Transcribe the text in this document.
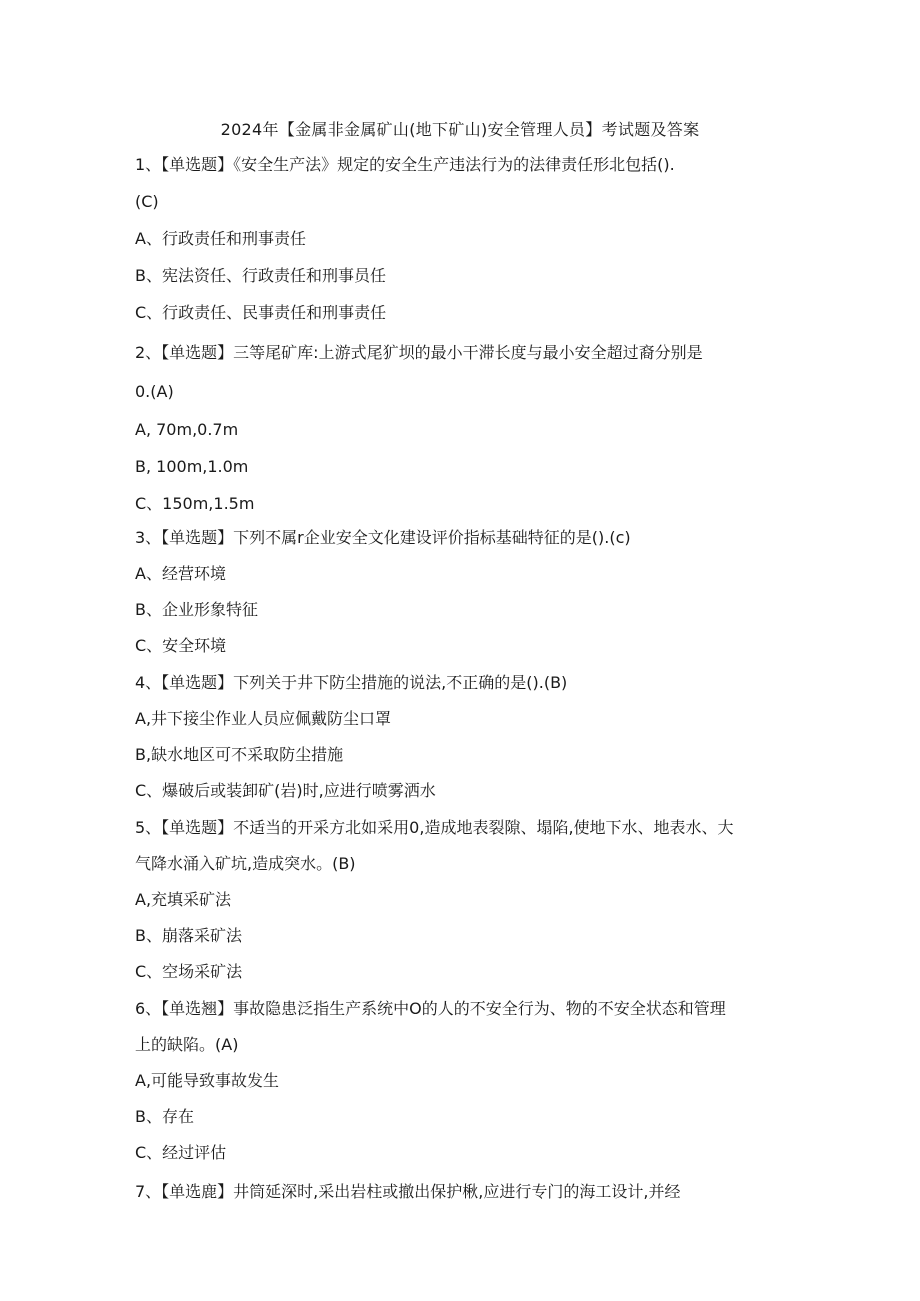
2024年【金属非金属矿山(地下矿山)安全管理人员】考试题及答案
1、【单选题】《安全生产法》规定的安全生产违法行为的法律责任形北包括().
(C)
A、行政责任和刑事责任
B、宪法资任、行政责任和刑事员任
C、行政责任、民事责任和刑事责任
2、【单选题】三等尾矿库:上游式尾犷坝的最小干滞长度与最小安全超过裔分别是
0.(A)
A, 70m,0.7m
B, 100m,1.0m
C、150m,1.5m
3、【单选题】下列不属r企业安全文化建设评价指标基础特征的是().(c)
A、经营环境
B、企业形象特征
C、安全环境
4、【单选题】下列关于井下防尘措施的说法,不正确的是().(B)
A,井下接尘作业人员应佩戴防尘口罩
B,缺水地区可不采取防尘措施
C、爆破后或装卸矿(岩)时,应进行喷雾洒水
5、【单选题】不适当的开采方北如采用0,造成地表裂隙、塌陷,使地下水、地表水、大
气降水涌入矿坑,造成突水。(B)
A,充填采矿法
B、崩落采矿法
C、空场采矿法
6、【单选翘】事故隐患泛指生产系统中O的人的不安全行为、物的不安全状态和管理
上的缺陷。(A)
A,可能导致事故发生
B、存在
C、经过评估
7、【单选鹿】井筒延深时,采出岩柱或撤出保护楸,应进行专门的海工设计,并经
